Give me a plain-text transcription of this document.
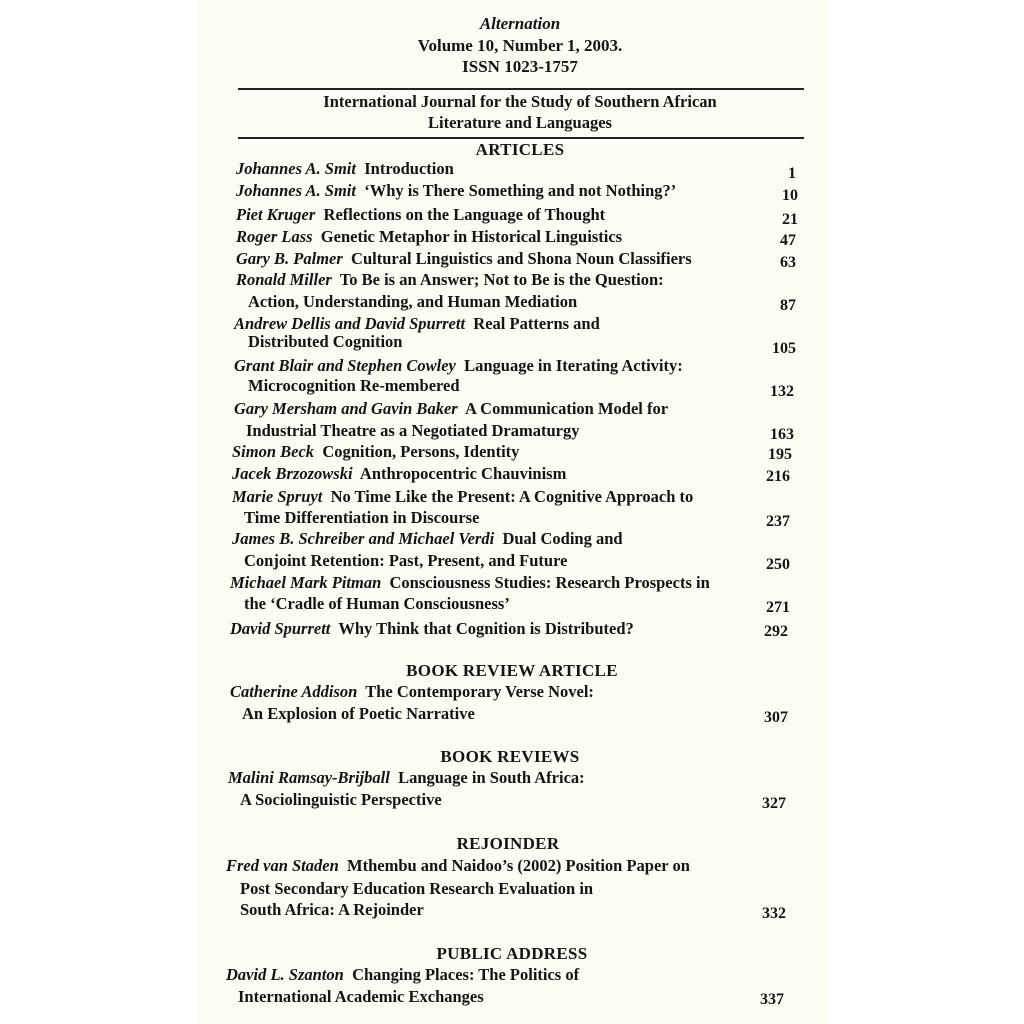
Alternation
Volume 10, Number 1, 2003.
ISSN 1023-1757
International Journal for the Study of Southern African
Literature and Languages
ARTICLES
Johannes A. Smit Introduction	1
Johannes A. Smit ‘Why is There Something and not Nothing?’	10
Piet Kruger Reflections on the Language of Thought	21
Roger Lass Genetic Metaphor in Historical Linguistics	47
Gary B. Palmer Cultural Linguistics and Shona Noun Classifiers	63
Ronald Miller To Be is an Answer; Not to Be is the Question:
Action, Understanding, and Human Mediation	87
Andrew Dellis and David Spurrett Real Patterns and
Distributed Cognition	105
Grant Blair and Stephen Cowley Language in Iterating Activity:
Microcognition Re-membered	132
Gary Mersham and Gavin Baker A Communication Model for
Industrial Theatre as a Negotiated Dramaturgy	163
Simon Beck Cognition, Persons, Identity	195
Jacek Brzozowski Anthropocentric Chauvinism	216
Marie Spruyt No Time Like the Present: A Cognitive Approach to
Time Differentiation in Discourse	237
James B. Schreiber and Michael Verdi Dual Coding and
Conjoint Retention: Past, Present, and Future	250
Michael Mark Pitman Consciousness Studies: Research Prospects in
the ‘Cradle of Human Consciousness’	271
David Spurrett Why Think that Cognition is Distributed?	292
BOOK REVIEW ARTICLE
Catherine Addison The Contemporary Verse Novel:
An Explosion of Poetic Narrative	307
BOOK REVIEWS
Malini Ramsay-Brijball Language in South Africa:
A Sociolinguistic Perspective	327
REJOINDER
Fred van Staden Mthembu and Naidoo’s (2002) Position Paper on
Post Secondary Education Research Evaluation in
South Africa: A Rejoinder	332
PUBLIC ADDRESS
David L. Szanton Changing Places: The Politics of
International Academic Exchanges	337
